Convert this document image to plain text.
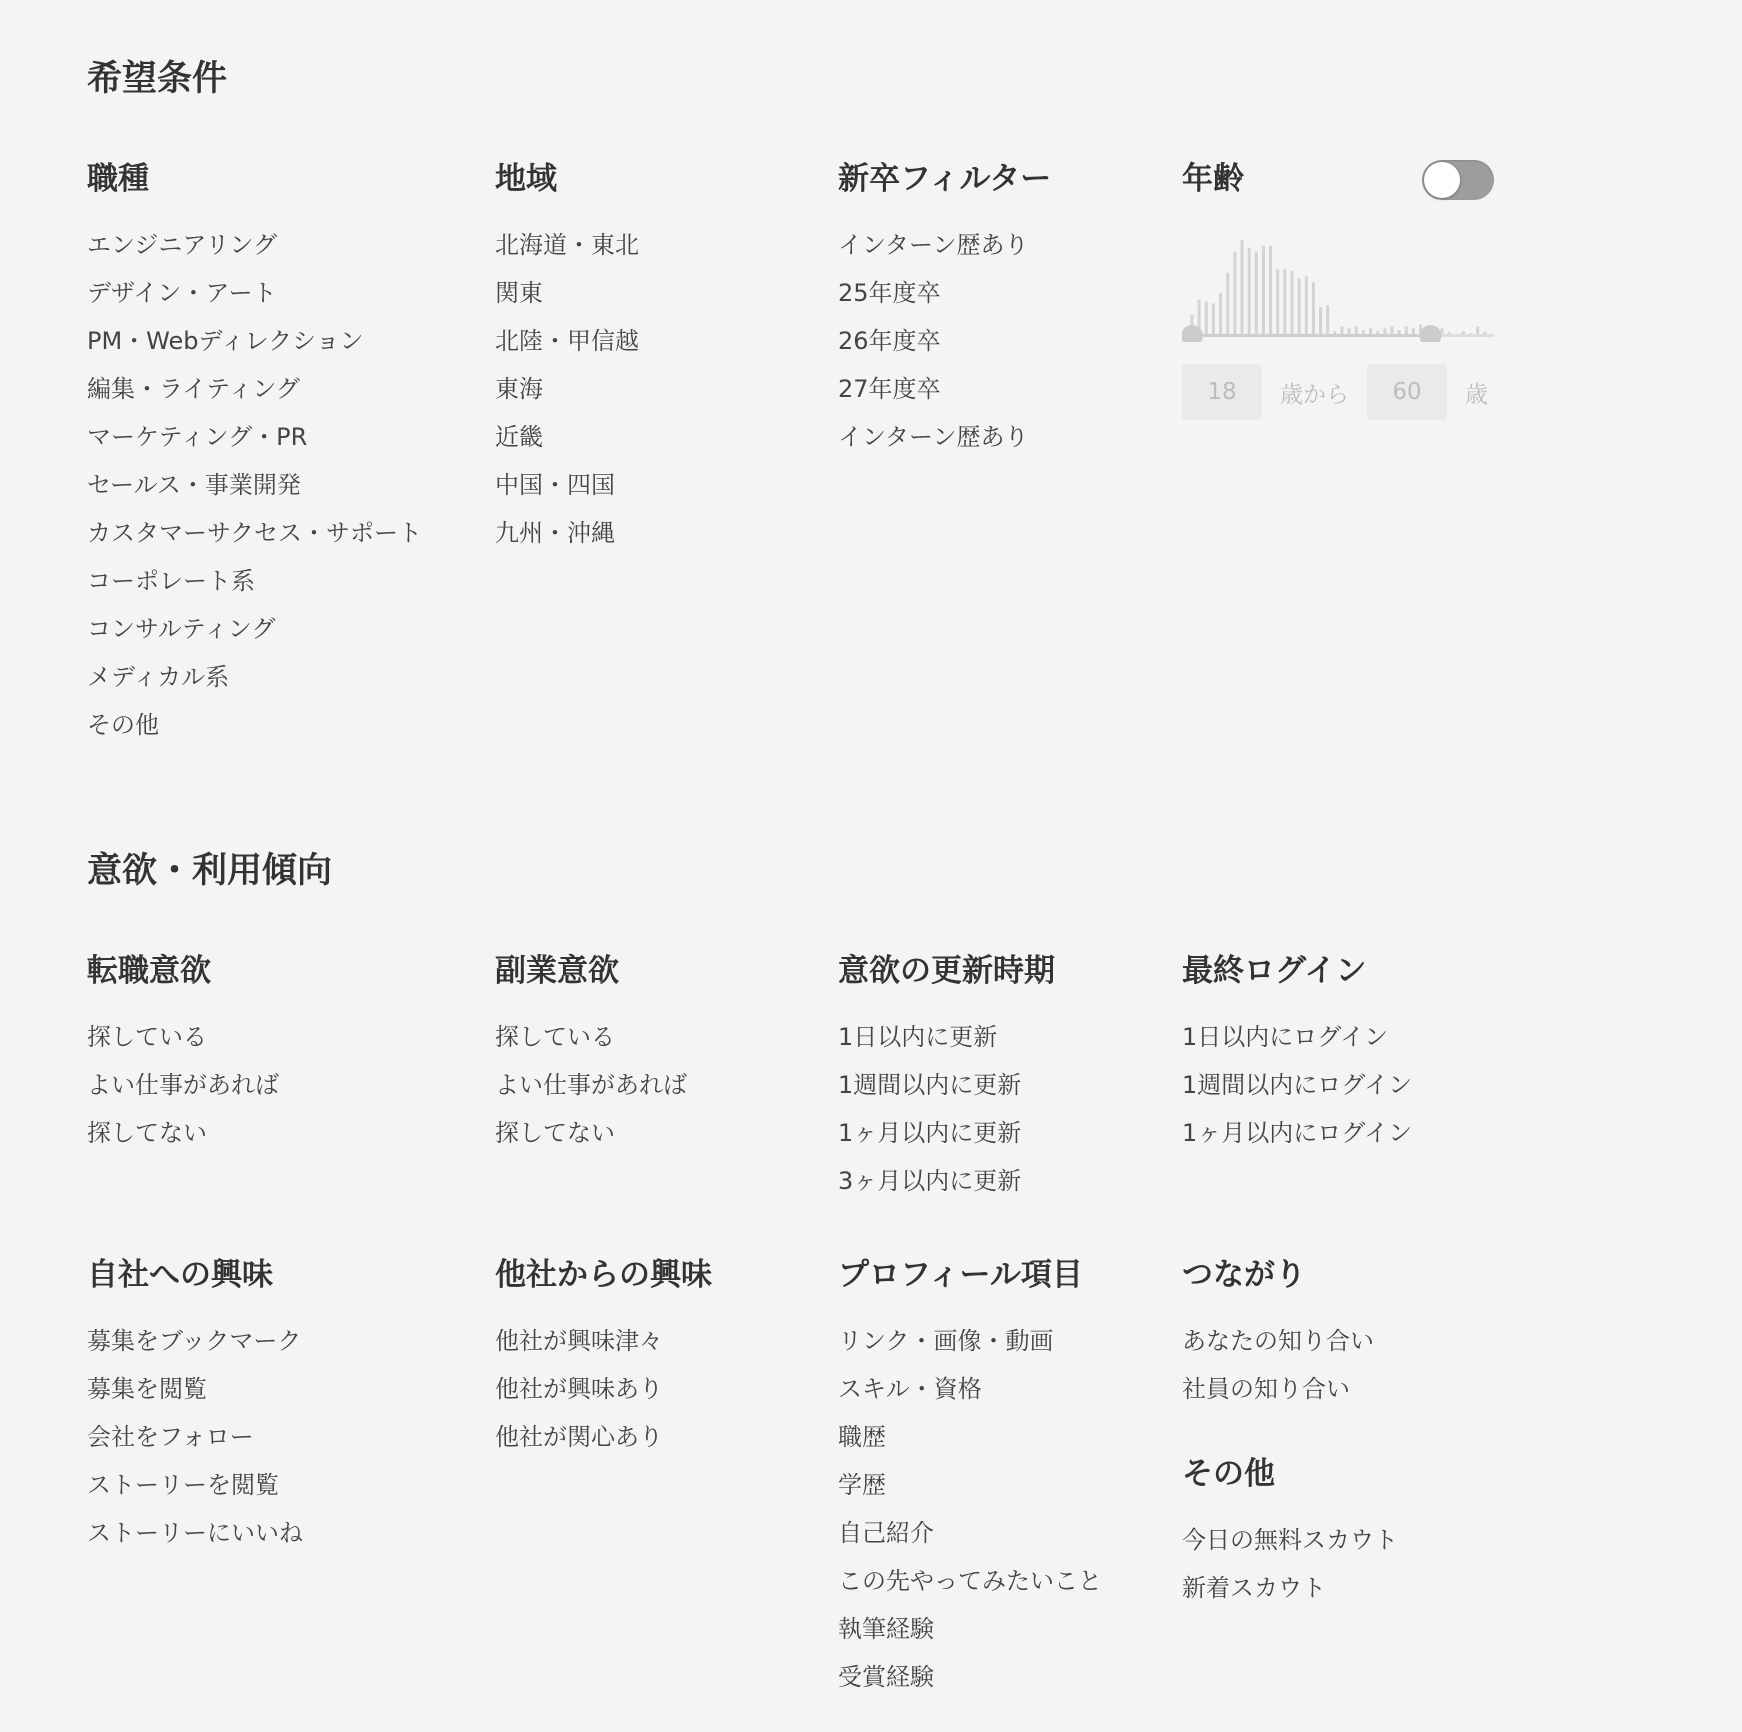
希望条件
職種
エンジニアリング
デザイン・アート
PM・Webディレクション
編集・ライティング
マーケティング・PR
セールス・事業開発
カスタマーサクセス・サポート
コーポレート系
コンサルティング
メディカル系
その他
地域
北海道・東北
関東
北陸・甲信越
東海
近畿
中国・四国
九州・沖縄
新卒フィルター
インターン歴あり
25年度卒
26年度卒
27年度卒
インターン歴あり
年齢
18	歳から	60	歳
意欲・利用傾向
転職意欲
探している
よい仕事があれば
探してない
副業意欲
探している
よい仕事があれば
探してない
意欲の更新時期
1日以内に更新
1週間以内に更新
1ヶ月以内に更新
3ヶ月以内に更新
最終ログイン
1日以内にログイン
1週間以内にログイン
1ヶ月以内にログイン
自社への興味
募集をブックマーク
募集を閲覧
会社をフォロー
ストーリーを閲覧
ストーリーにいいね
他社からの興味
他社が興味津々
他社が興味あり
他社が関心あり
プロフィール項目
リンク・画像・動画
スキル・資格
職歴
学歴
自己紹介
この先やってみたいこと
執筆経験
受賞経験
つながり
あなたの知り合い
社員の知り合い
その他
今日の無料スカウト
新着スカウト
